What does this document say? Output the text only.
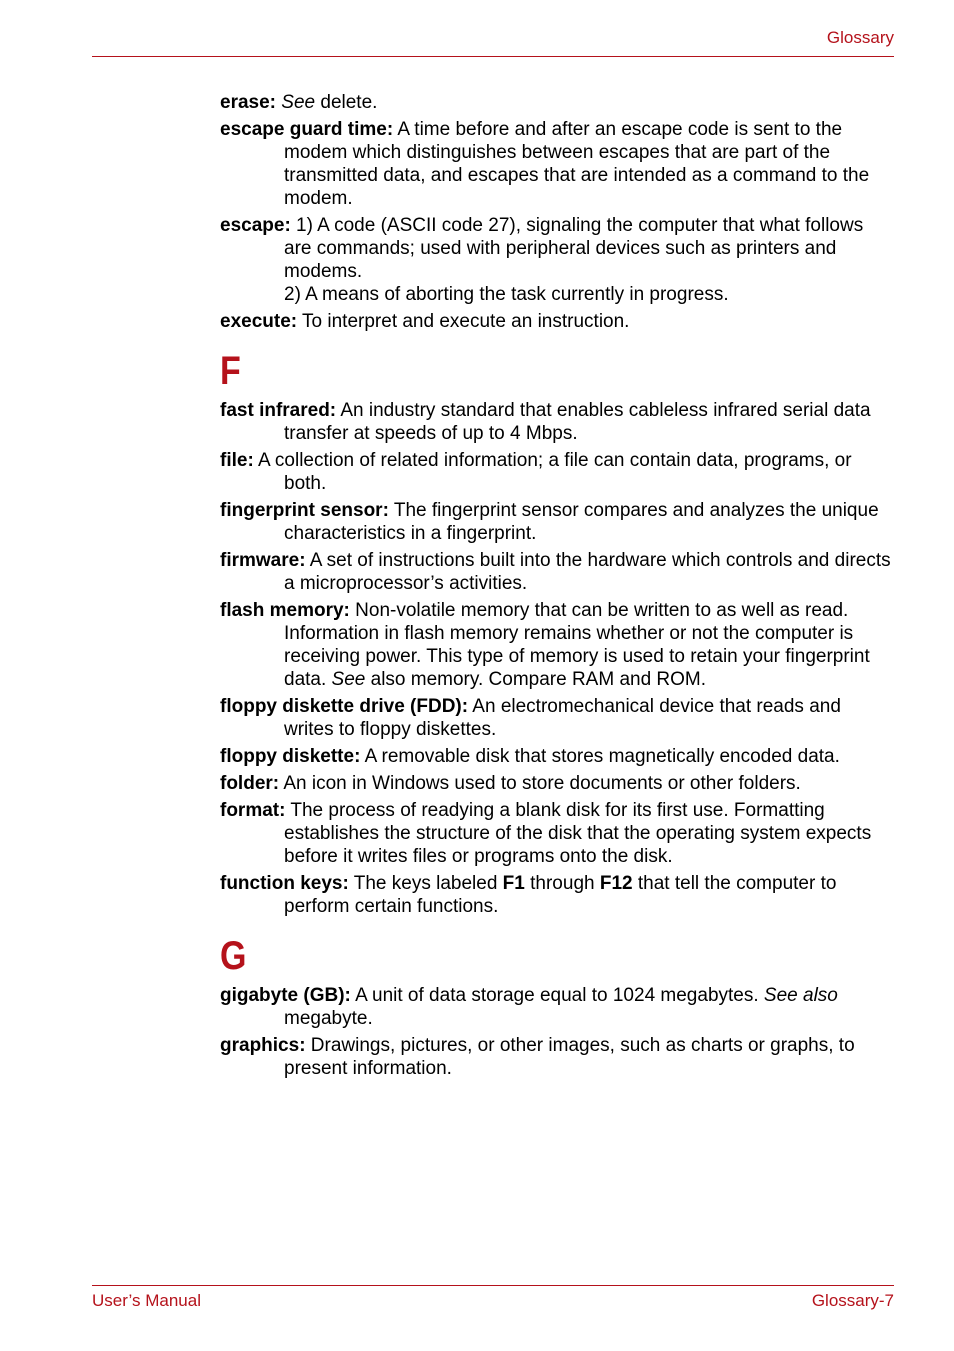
Glossary

erase: See delete.

escape guard time: A time before and after an escape code is sent to the modem which distinguishes between escapes that are part of the transmitted data, and escapes that are intended as a command to the modem.

escape: 1) A code (ASCII code 27), signaling the computer that what follows are commands; used with peripheral devices such as printers and modems.
2) A means of aborting the task currently in progress.

execute: To interpret and execute an instruction.

F

fast infrared: An industry standard that enables cableless infrared serial data transfer at speeds of up to 4 Mbps.

file: A collection of related information; a file can contain data, programs, or both.

fingerprint sensor: The fingerprint sensor compares and analyzes the unique characteristics in a fingerprint.

firmware: A set of instructions built into the hardware which controls and directs a microprocessor’s activities.

flash memory: Non-volatile memory that can be written to as well as read. Information in flash memory remains whether or not the computer is receiving power. This type of memory is used to retain your fingerprint data. See also memory. Compare RAM and ROM.

floppy diskette drive (FDD): An electromechanical device that reads and writes to floppy diskettes.

floppy diskette: A removable disk that stores magnetically encoded data.

folder: An icon in Windows used to store documents or other folders.

format: The process of readying a blank disk for its first use. Formatting establishes the structure of the disk that the operating system expects before it writes files or programs onto the disk.

function keys: The keys labeled F1 through F12 that tell the computer to perform certain functions.

G

gigabyte (GB): A unit of data storage equal to 1024 megabytes. See also megabyte.

graphics: Drawings, pictures, or other images, such as charts or graphs, to present information.

User’s Manual	Glossary-7
